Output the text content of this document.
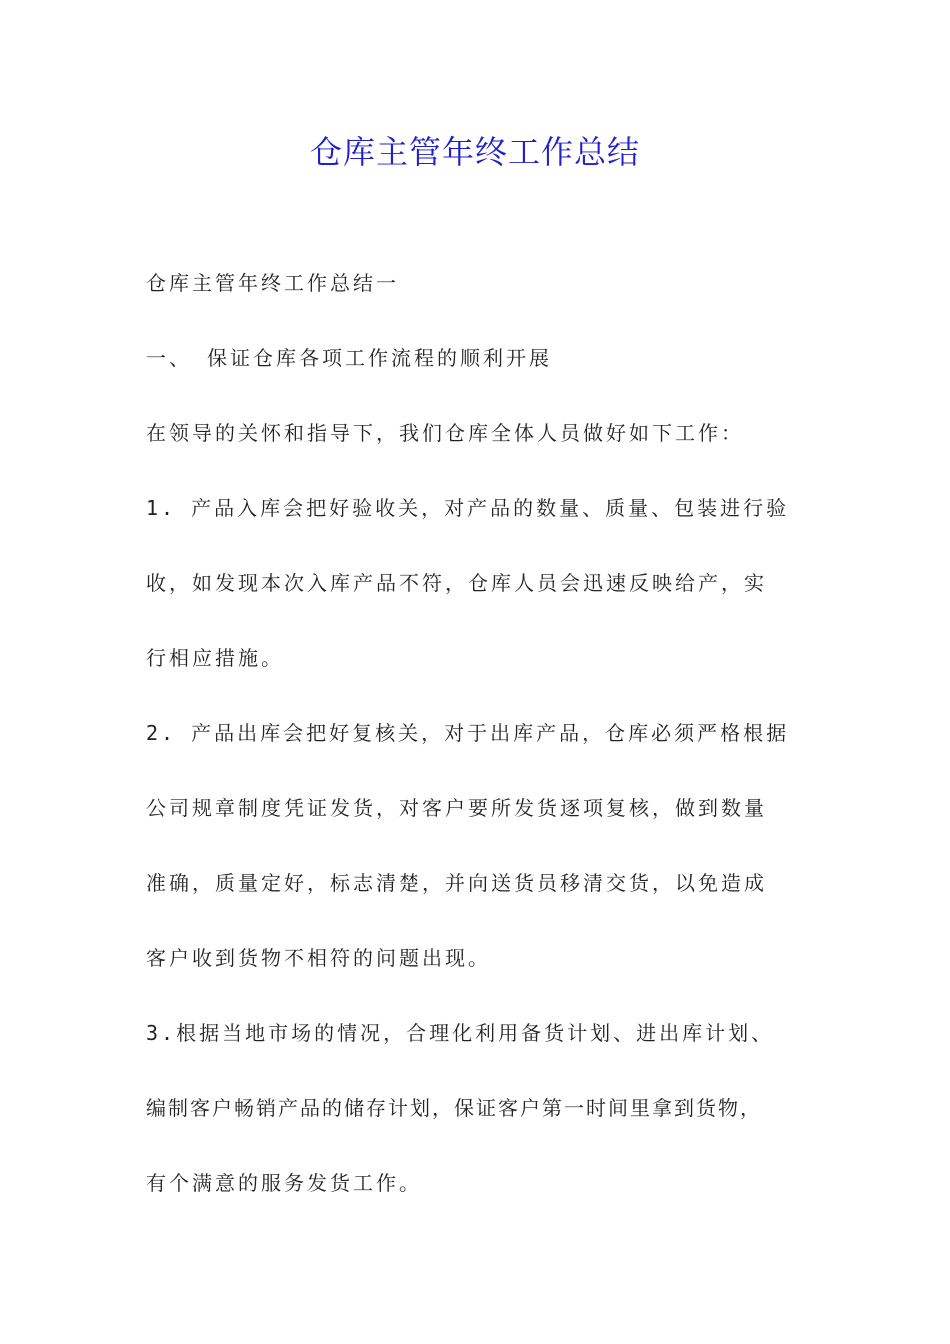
仓库主管年终工作总结

仓库主管年终工作总结一

一、 保证仓库各项工作流程的顺利开展

在领导的关怀和指导下，我们仓库全体人员做好如下工作：

1. 产品入库会把好验收关，对产品的数量、质量、包装进行验

收，如发现本次入库产品不符，仓库人员会迅速反映给产，实

行相应措施。

2. 产品出库会把好复核关，对于出库产品，仓库必须严格根据

公司规章制度凭证发货，对客户要所发货逐项复核，做到数量

准确，质量定好，标志清楚，并向送货员移清交货，以免造成

客户收到货物不相符的问题出现。

3.根据当地市场的情况，合理化利用备货计划、进出库计划、

编制客户畅销产品的储存计划，保证客户第一时间里拿到货物，

有个满意的服务发货工作。
